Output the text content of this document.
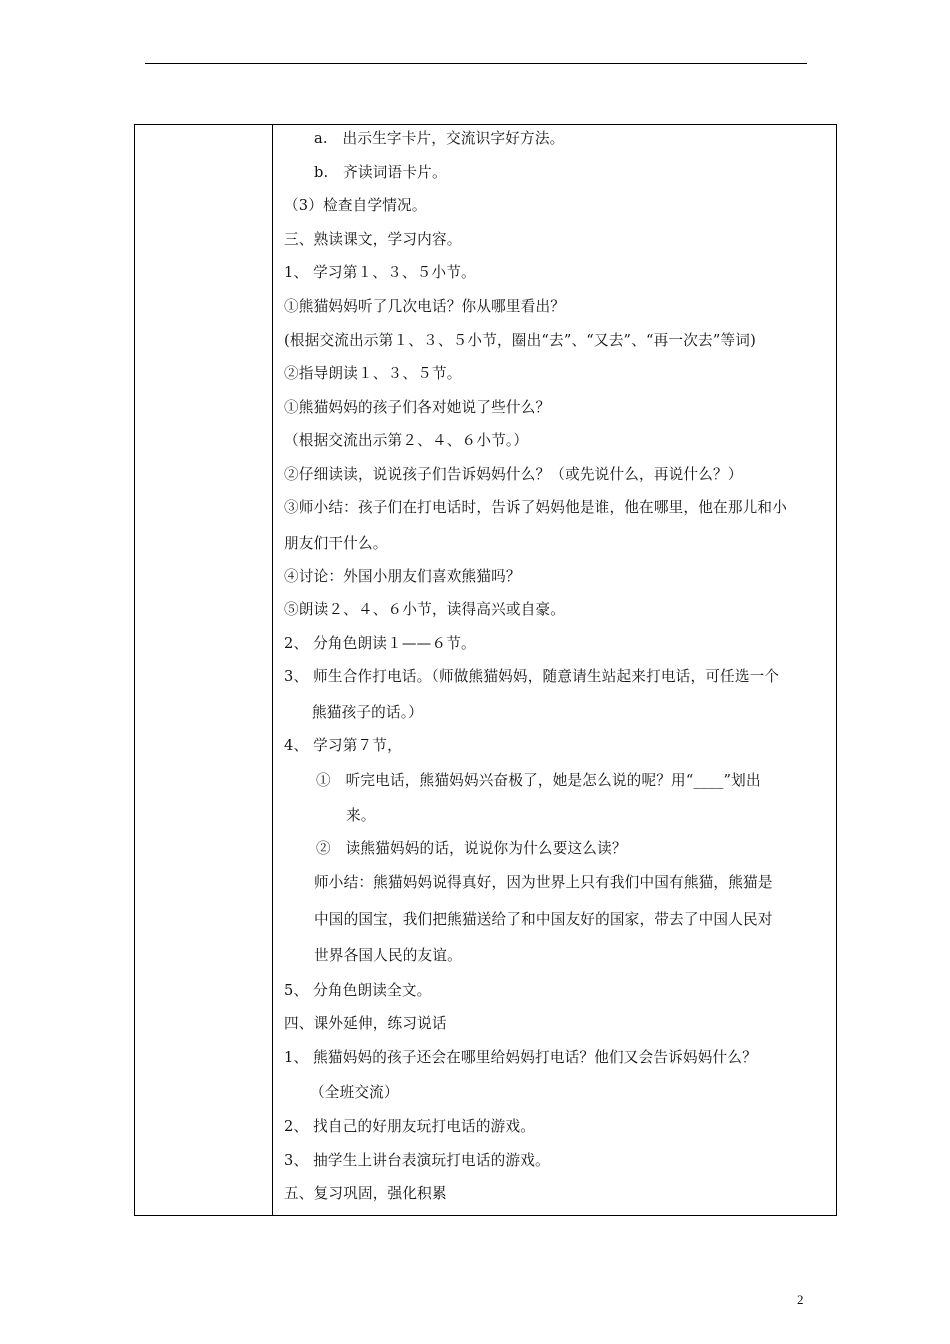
a.　出示生字卡片，交流识字好方法。
b.　齐读词语卡片。
（3）检查自学情况。
三、熟读课文，学习内容。
1、 学习第１、３、５小节。
①熊猫妈妈听了几次电话？你从哪里看出？
(根据交流出示第１、３、５小节，圈出“去”、“又去”、“再一次去”等词)
②指导朗读１、３、５节。
①熊猫妈妈的孩子们各对她说了些什么？
（根据交流出示第２、４、６小节。）
②仔细读读，说说孩子们告诉妈妈什么？（或先说什么，再说什么？）
③师小结：孩子们在打电话时，告诉了妈妈他是谁，他在哪里，他在那儿和小
朋友们干什么。
④讨论：外国小朋友们喜欢熊猫吗？
⑤朗读２、４、６小节，读得高兴或自豪。
2、 分角色朗读１——６节。
3、 师生合作打电话。（师做熊猫妈妈，随意请生站起来打电话，可任选一个
熊猫孩子的话。）
4、 学习第７节，
①　听完电话，熊猫妈妈兴奋极了，她是怎么说的呢？用“____”划出
来。
②　读熊猫妈妈的话，说说你为什么要这么读？
师小结：熊猫妈妈说得真好，因为世界上只有我们中国有熊猫，熊猫是
中国的国宝，我们把熊猫送给了和中国友好的国家，带去了中国人民对
世界各国人民的友谊。
5、 分角色朗读全文。
四、课外延伸，练习说话
1、 熊猫妈妈的孩子还会在哪里给妈妈打电话？他们又会告诉妈妈什么？
（全班交流）
2、 找自己的好朋友玩打电话的游戏。
3、 抽学生上讲台表演玩打电话的游戏。
五、复习巩固，强化积累
2
